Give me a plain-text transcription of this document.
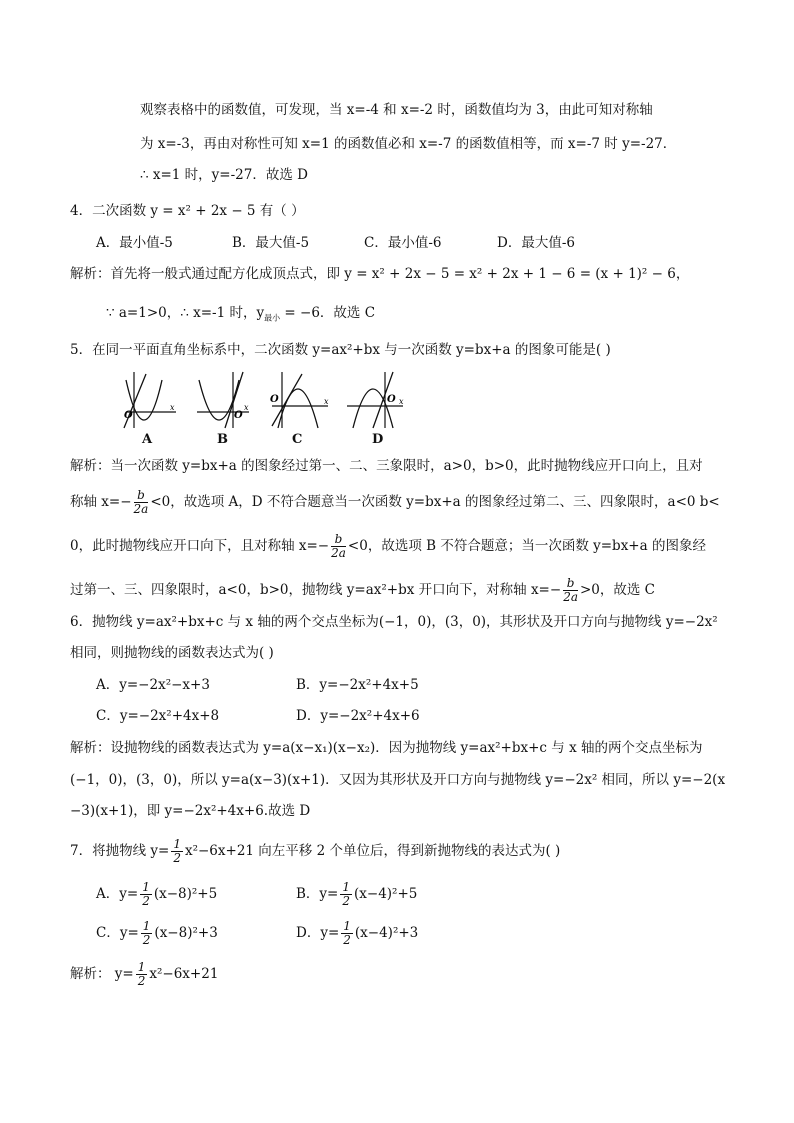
观察表格中的函数值，可发现，当 x=-4 和 x=-2 时，函数值均为 3，由此可知对称轴
为 x=-3，再由对称性可知 x=1 的函数值必和 x=-7 的函数值相等，而 x=-7 时 y=-27．
∴ x=1 时，y=-27．故选 D
4．二次函数 y = x² + 2x − 5 有（ ）
A．最小值-5	B．最大值-5	C．最小值-6	D．最大值-6
解析：首先将一般式通过配方化成顶点式，即 y = x² + 2x − 5 = x² + 2x + 1 − 6 = (x + 1)² − 6，
∵ a=1>0，∴ x=-1 时，$y_{最小} = -6$．故选 C
5．在同一平面直角坐标系中，二次函数 y=ax²+bx 与一次函数 y=bx+a 的图象可能是( )
O
x
O
x
O	x	O x
A	B	C	D
解析：当一次函数 y=bx+a 的图象经过第一、二、三象限时，a>0，b>0，此时抛物线应开口向上，且对
称轴 $x=- \frac{b}{2a} <0$，故选项 A，D 不符合题意当一次函数 y=bx+a 的图象经过第二、三、四象限时，a<0 b<
0，此时抛物线应开口向下，且对称轴 $x=- \frac{b}{2a} <0$，故选项 B 不符合题意；当一次函数 y=bx+a 的图象经
过第一、三、四象限时，a<0，b>0，抛物线 y=ax²+bx 开口向下，对称轴 $x=- \frac{b}{2a} >0$，故选 C
6．抛物线 y=ax²+bx+c 与 x 轴的两个交点坐标为(−1，0)，(3，0)，其形状及开口方向与抛物线 y=−2x²
相同，则抛物线的函数表达式为( )
A．y=−2x²−x+3	B．y=−2x²+4x+5
C．y=−2x²+4x+8	D．y=−2x²+4x+6
解析：设抛物线的函数表达式为 y=a(x−x₁)(x−x₂)．因为抛物线 y=ax²+bx+c 与 x 轴的两个交点坐标为
(−1，0)，(3，0)，所以 y=a(x−3)(x+1)．又因为其形状及开口方向与抛物线 y=−2x² 相同，所以 y=−2(x
−3)(x+1)，即 y=−2x²+4x+6.故选 D
7．将抛物线 $y= \frac{1}{2} x^2-6x+21$ 向左平移 2 个单位后，得到新抛物线的表达式为( )
A．$y= \frac{1}{2} (x-8)^2+5$	B．$y= \frac{1}{2} (x-4)^2+5$
C．$y= \frac{1}{2} (x-8)^2+3$	D．$y= \frac{1}{2} (x-4)^2+3$
解析： $y= \frac{1}{2} x^2-6x+21$
